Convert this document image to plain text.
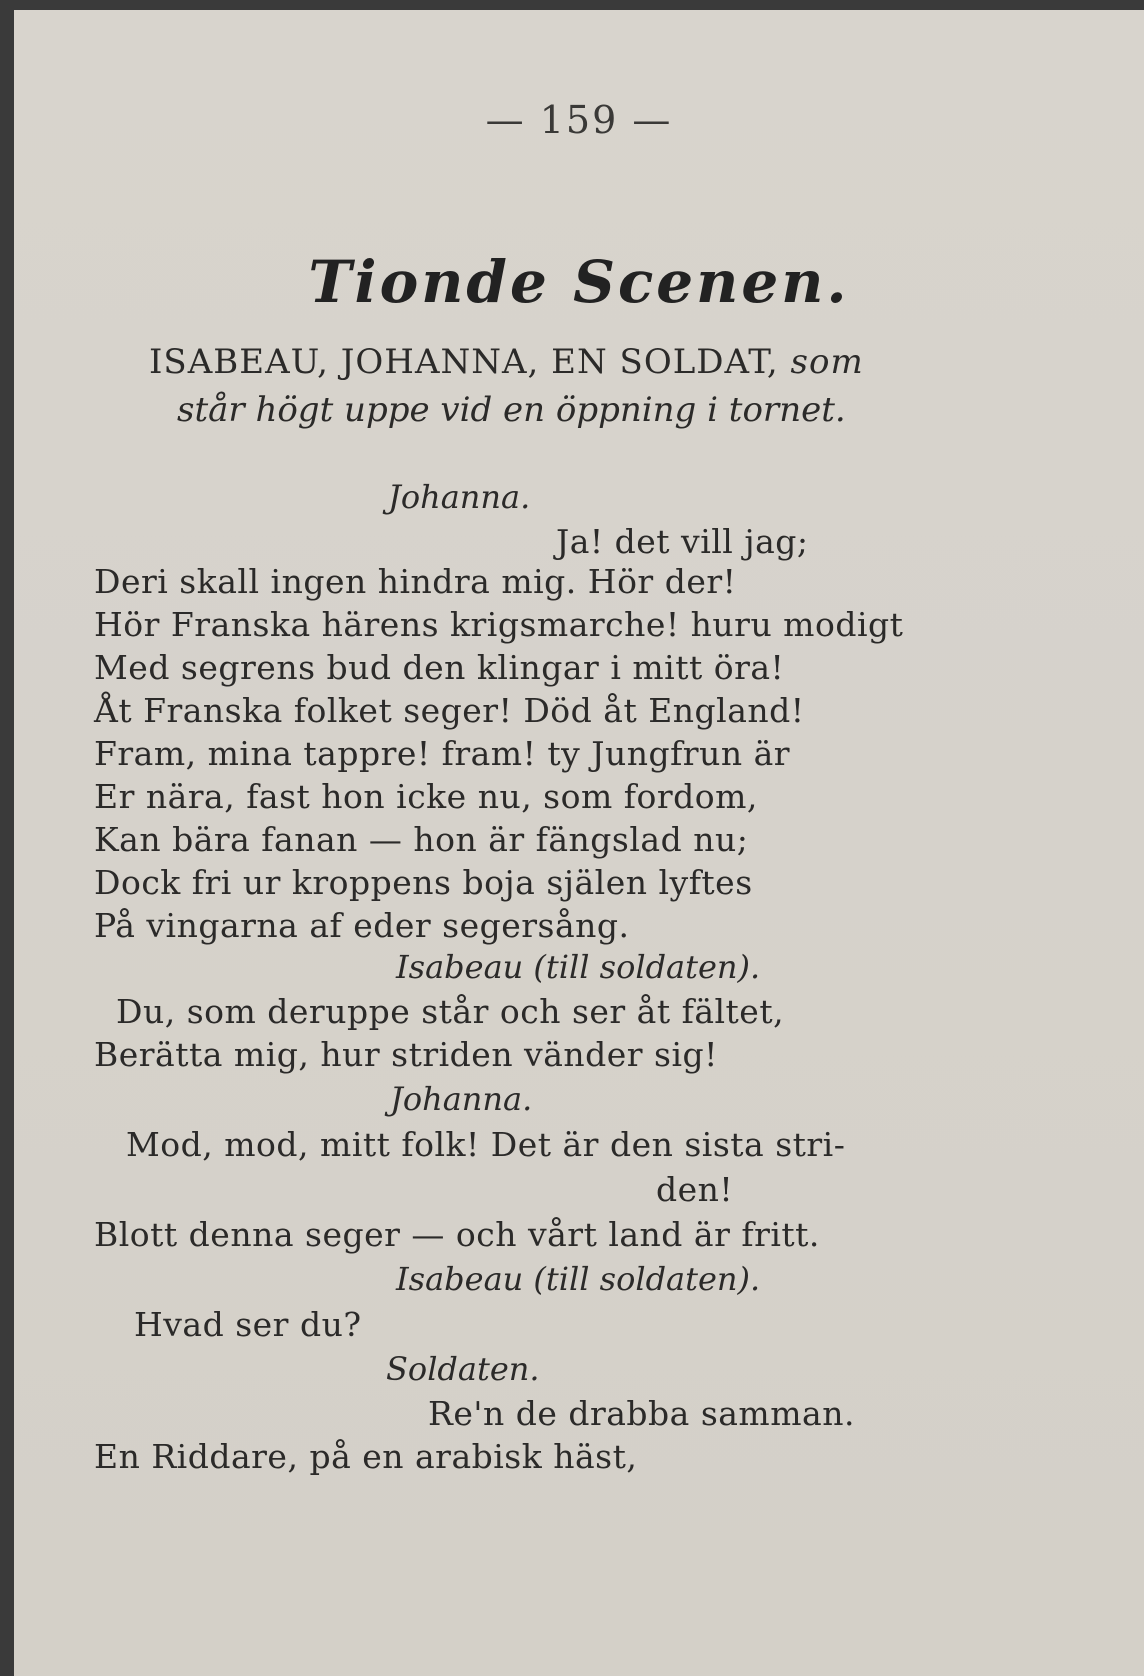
— 159 —
Tionde Scenen.
ISABEAU, JOHANNA, EN SOLDAT, som
står högt uppe vid en öppning i tornet.
Johanna.
Ja! det vill jag;
Deri skall ingen hindra mig. Hör der!
Hör Franska härens krigsmarche! huru modigt
Med segrens bud den klingar i mitt öra!
Åt Franska folket seger! Död åt England!
Fram, mina tappre! fram! ty Jungfrun är
Er nära, fast hon icke nu, som fordom,
Kan bära fanan — hon är fängslad nu;
Dock fri ur kroppens boja själen lyftes
På vingarna af eder segersång.
Isabeau (till soldaten).
Du, som deruppe står och ser åt fältet,
Berätta mig, hur striden vänder sig!
Johanna.
Mod, mod, mitt folk! Det är den sista stri-
den!
Blott denna seger — och vårt land är fritt.
Isabeau (till soldaten).
Hvad ser du?
Soldaten.
Re'n de drabba samman.
En Riddare, på en arabisk häst,
